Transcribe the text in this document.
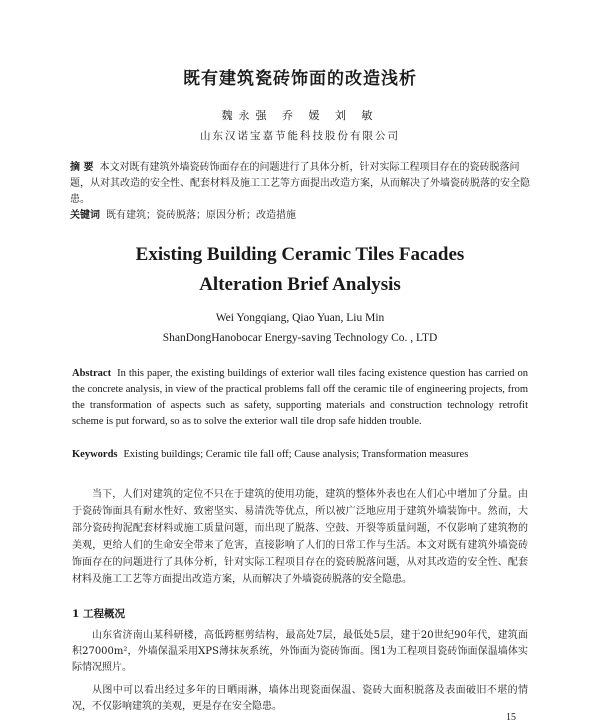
既有建筑瓷砖饰面的改造浅析
魏永强 乔 媛 刘 敏
山东汉诺宝嘉节能科技股份有限公司
摘 要 本文对既有建筑外墙瓷砖饰面存在的问题进行了具体分析，针对实际工程项目存在的瓷砖脱落问题，从对其改造的安全性、配套材料及施工工艺等方面提出改造方案，从而解决了外墙瓷砖脱落的安全隐患。
关键词 既有建筑；瓷砖脱落；原因分析；改造措施
Existing Building Ceramic Tiles Facades
Alteration Brief Analysis
Wei Yongqiang, Qiao Yuan, Liu Min
ShanDongHanobocar Energy-saving Technology Co. , LTD
Abstract In this paper, the existing buildings of exterior wall tiles facing existence question has carried on the concrete analysis, in view of the practical problems fall off the ceramic tile of engineering projects, from the transformation of aspects such as safety, supporting materials and construction technology retrofit scheme is put forward, so as to solve the exterior wall tile drop safe hidden trouble.
Keywords Existing buildings; Ceramic tile fall off; Cause analysis; Transformation measures
当下，人们对建筑的定位不只在于建筑的使用功能，建筑的整体外表也在人们心中增加了分量。由于瓷砖饰面具有耐水性好、致密坚实、易清洗等优点，所以被广泛地应用于建筑外墙装饰中。然而，大部分瓷砖拘泥配套材料或施工质量问题，而出现了脱落、空鼓、开裂等质量问题，不仅影响了建筑物的美观，更给人们的生命安全带来了危害，直接影响了人们的日常工作与生活。本文对既有建筑外墙瓷砖饰面存在的问题进行了具体分析，针对实际工程项目存在的瓷砖脱落问题，从对其改造的安全性、配套材料及施工工艺等方面提出改造方案，从而解决了外墙瓷砖脱落的安全隐患。
1 工程概况
山东省济南山某科研楼，高低跨框剪结构，最高处7层，最低处5层，建于20世纪90年代，建筑面积27000m²，外墙保温采用XPS薄抹灰系统，外饰面为瓷砖饰面。图1为工程项目瓷砖饰面保温墙体实际情况照片。
从图中可以看出经过多年的日晒雨淋，墙体出现瓷面保温、瓷砖大面积脱落及表面破旧不堪的情况，不仅影响建筑的美观，更是存在安全隐患。
15
